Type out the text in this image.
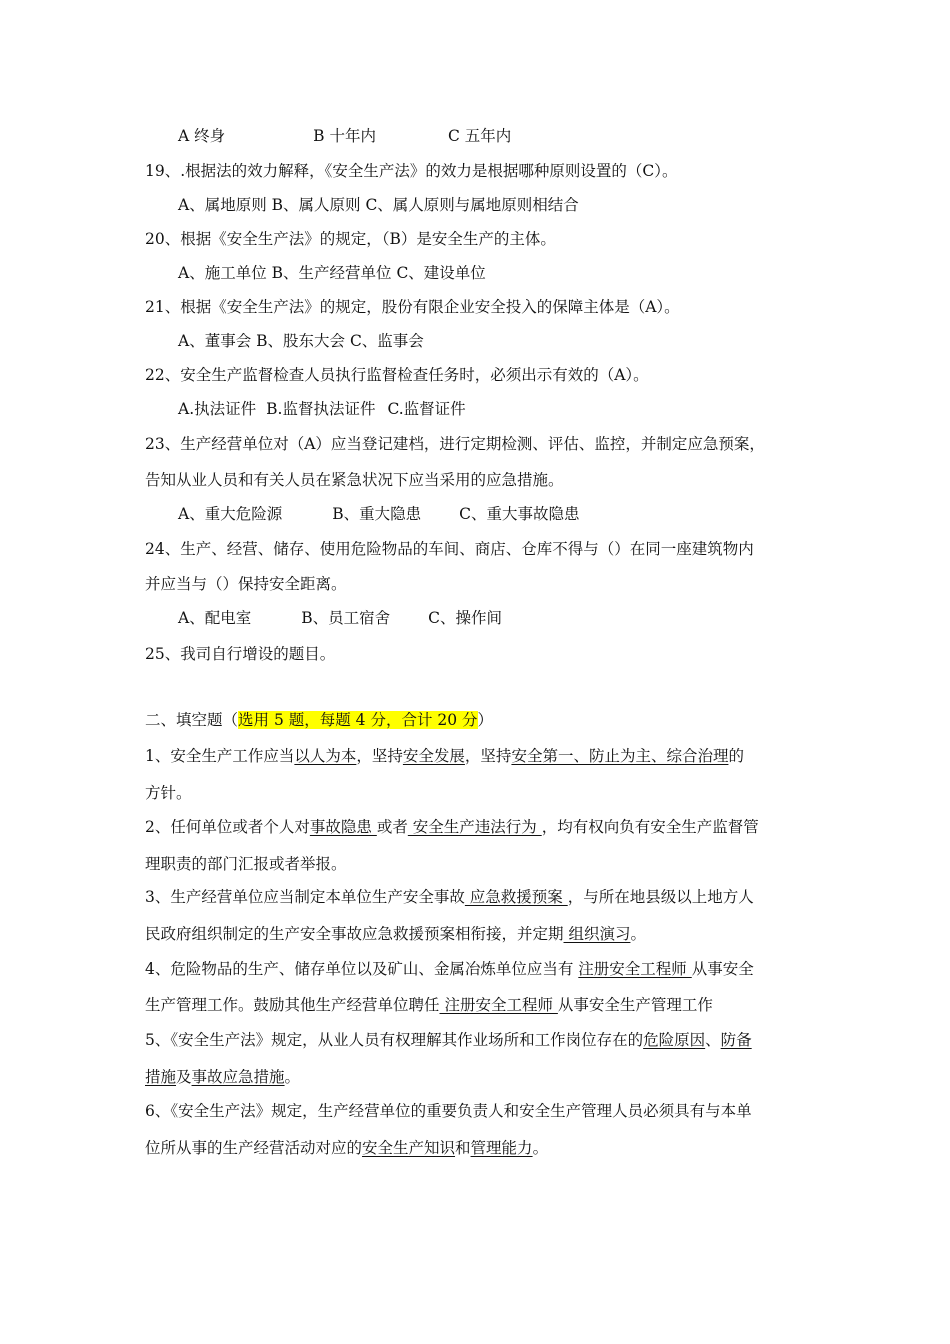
A 终身	B 十年内	C 五年内
19、.根据法的效力解释，《安全生产法》的效力是根据哪种原则设置的（C）。
A、属地原则 B、属人原则 C、属人原则与属地原则相结合
20、根据《安全生产法》的规定，（B）是安全生产的主体。
A、施工单位 B、生产经营单位 C、建设单位
21、根据《安全生产法》的规定，股份有限企业安全投入的保障主体是（A）。
A、董事会 B、股东大会 C、监事会
22、安全生产监督检查人员执行监督检查任务时，必须出示有效的（A）。
A.执法证件 B.监督执法证件 C.监督证件
23、生产经营单位对（A）应当登记建档，进行定期检测、评估、监控，并制定应急预案，
告知从业人员和有关人员在紧急状况下应当采用的应急措施。
A、重大危险源	B、重大隐患 C、重大事故隐患
24、生产、经营、储存、使用危险物品的车间、商店、仓库不得与（）在同一座建筑物内
并应当与（）保持安全距离。
A、配电室	B、员工宿舍 C、操作间
25、我司自行增设的题目。
二、填空题（选用 5 题，每题 4 分，合计 20 分）
1、安全生产工作应当以人为本，坚持安全发展，坚持安全第一、防止为主、综合治理的
方针。
2、任何单位或者个人对事故隐患 或者 安全生产违法行为 ，均有权向负有安全生产监督管
理职责的部门汇报或者举报。
3、生产经营单位应当制定本单位生产安全事故 应急救援预案 ，与所在地县级以上地方人
民政府组织制定的生产安全事故应急救援预案相衔接，并定期 组织演习。
4、危险物品的生产、储存单位以及矿山、金属冶炼单位应当有 注册安全工程师 从事安全
生产管理工作。鼓励其他生产经营单位聘任 注册安全工程师 从事安全生产管理工作
5、《安全生产法》规定，从业人员有权理解其作业场所和工作岗位存在的危险原因、防备
措施及事故应急措施。
6、《安全生产法》规定，生产经营单位的重要负责人和安全生产管理人员必须具有与本单
位所从事的生产经营活动对应的安全生产知识和管理能力。
